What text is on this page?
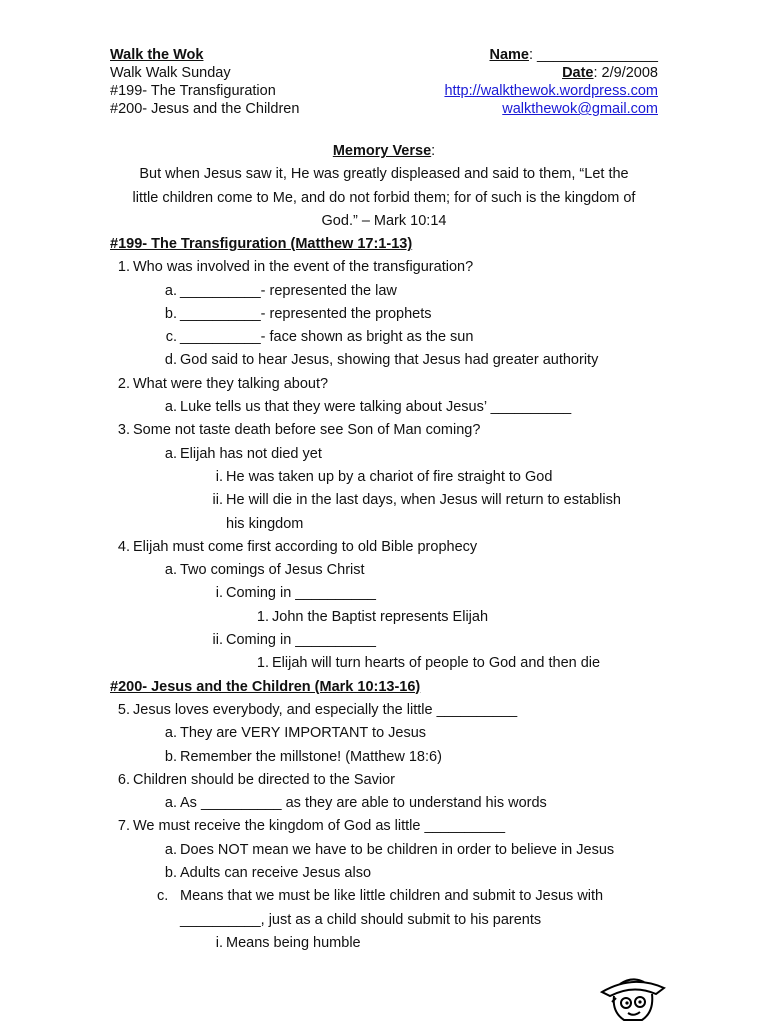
Walk the Wok	Name: _______________
Walk Walk Sunday	Date: 2/9/2008
#199- The Transfiguration	http://walkthewok.wordpress.com
#200- Jesus and the Children	walkthewok@gmail.com
Memory Verse:
But when Jesus saw it, He was greatly displeased and said to them, “Let the
little children come to Me, and do not forbid them; for of such is the kingdom of
God.” – Mark 10:14
#199- The Transfiguration (Matthew 17:1-13)
1. Who was involved in the event of the transfiguration?
a. __________- represented the law
b. __________- represented the prophets
c. __________- face shown as bright as the sun
d. God said to hear Jesus, showing that Jesus had greater authority
2. What were they talking about?
a. Luke tells us that they were talking about Jesus’ __________
3. Some not taste death before see Son of Man coming?
a. Elijah has not died yet
i. He was taken up by a chariot of fire straight to God
ii. He will die in the last days, when Jesus will return to establish
his kingdom
4. Elijah must come first according to old Bible prophecy
a. Two comings of Jesus Christ
i. Coming in __________
1. John the Baptist represents Elijah
ii. Coming in __________
1. Elijah will turn hearts of people to God and then die
#200- Jesus and the Children (Mark 10:13-16)
5. Jesus loves everybody, and especially the little __________
a. They are VERY IMPORTANT to Jesus
b. Remember the millstone! (Matthew 18:6)
6. Children should be directed to the Savior
a. As __________ as they are able to understand his words
7. We must receive the kingdom of God as little __________
a. Does NOT mean we have to be children in order to believe in Jesus
b. Adults can receive Jesus also
c. Means that we must be like little children and submit to Jesus with
__________, just as a child should submit to his parents
i. Means being humble
